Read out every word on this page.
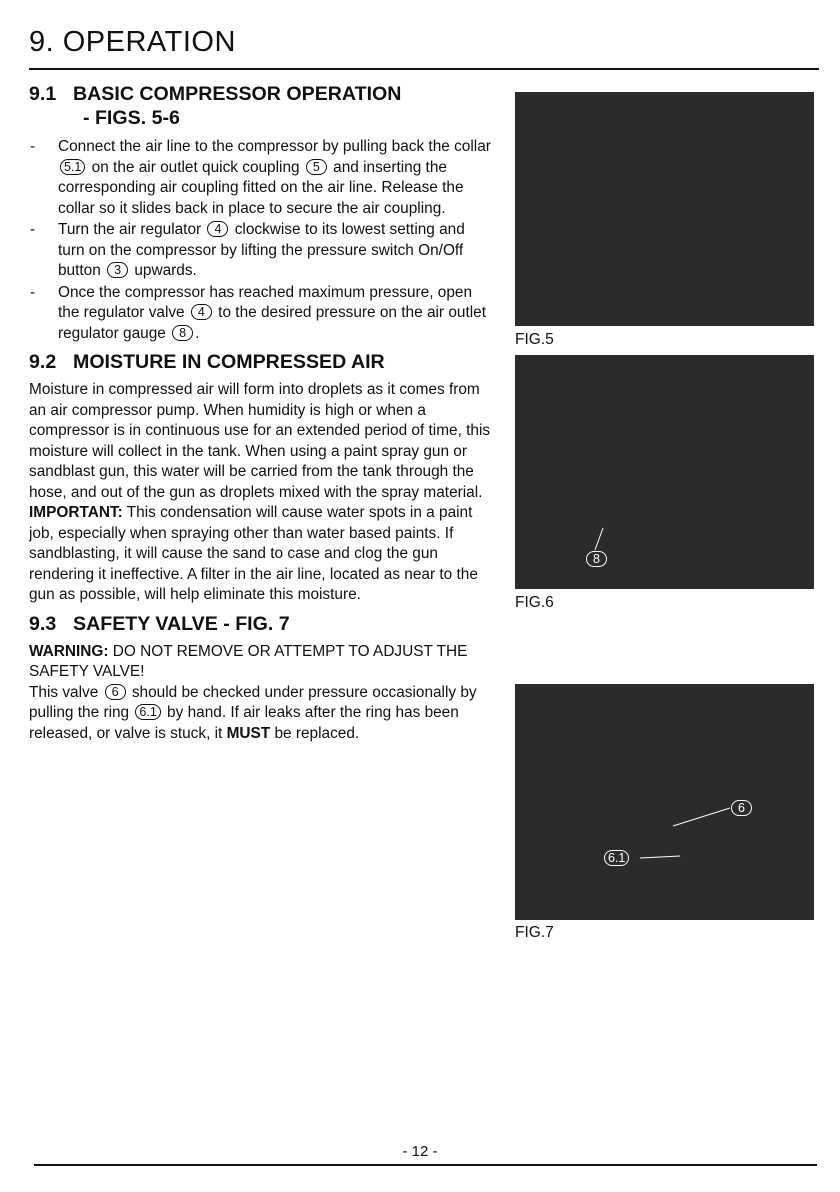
9. OPERATION
9.1 BASIC COMPRESSOR OPERATION
- FIGS. 5-6
- Connect the air line to the compressor by pulling back the collar 5.1 on the air outlet quick coupling 5 and inserting the corresponding air coupling fitted on the air line. Release the collar so it slides back in place to secure the air coupling.
- Turn the air regulator 4 clockwise to its lowest setting and turn on the compressor by lifting the pressure switch On/Off button 3 upwards.
- Once the compressor has reached maximum pressure, open the regulator valve 4 to the desired pressure on the air outlet regulator gauge 8 .
9.2 MOISTURE IN COMPRESSED AIR

Moisture in compressed air will form into droplets as it comes from an air compressor pump. When humidity is high or when a compressor is in continuous use for an extended period of time, this moisture will collect in the tank. When using a paint spray gun or sandblast gun, this water will be carried from the tank through the hose, and out of the gun as droplets mixed with the spray material.

IMPORTANT: This condensation will cause water spots in a paint job, especially when spraying other than water based paints. If sandblasting, it will cause the sand to case and clog the gun rendering it ineffective. A filter in the air line, located as near to the gun as possible, will help eliminate this moisture.

9.3 SAFETY VALVE - FIG. 7

WARNING: DO NOT REMOVE OR ATTEMPT TO ADJUST THE SAFETY VALVE!

This valve 6 should be checked under pressure occasionally by pulling the ring 6.1 by hand. If air leaks after the ring has been released, or valve is stuck, it MUST be replaced.

FIG.5
8
FIG.6
6
6.1
FIG.7
- 12 -
